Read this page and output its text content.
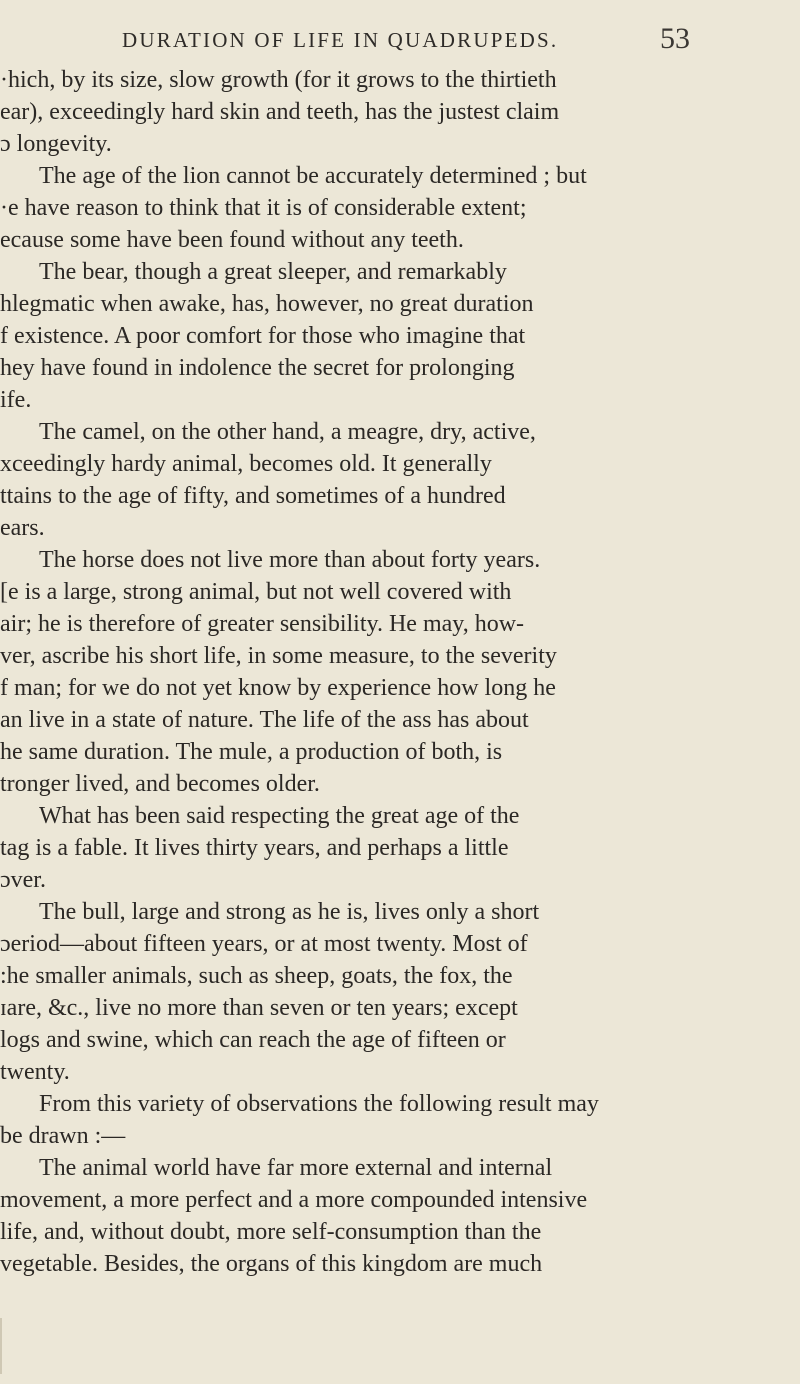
DURATION OF LIFE IN QUADRUPEDS.	53
·hich, by its size, slow growth (for it grows to the thirtieth
ear), exceedingly hard skin and teeth, has the justest claim
ɔ longevity.
The age of the lion cannot be accurately determined ; but
·e have reason to think that it is of considerable extent;
ecause some have been found without any teeth.
The bear, though a great sleeper, and remarkably
hlegmatic when awake, has, however, no great duration
f existence. A poor comfort for those who imagine that
hey have found in indolence the secret for prolonging
ife.
The camel, on the other hand, a meagre, dry, active,
xceedingly hardy animal, becomes old. It generally
ttains to the age of fifty, and sometimes of a hundred
ears.
The horse does not live more than about forty years.
[e is a large, strong animal, but not well covered with
air; he is therefore of greater sensibility. He may, how-
ver, ascribe his short life, in some measure, to the severity
f man; for we do not yet know by experience how long he
an live in a state of nature. The life of the ass has about
he same duration. The mule, a production of both, is
tronger lived, and becomes older.
What has been said respecting the great age of the
tag is a fable. It lives thirty years, and perhaps a little
ɔver.
The bull, large and strong as he is, lives only a short
ɔeriod—about fifteen years, or at most twenty. Most of
:he smaller animals, such as sheep, goats, the fox, the
ɪare, &c., live no more than seven or ten years; except
logs and swine, which can reach the age of fifteen or
twenty.
From this variety of observations the following result may
be drawn :—
The animal world have far more external and internal
movement, a more perfect and a more compounded intensive
life, and, without doubt, more self-consumption than the
vegetable. Besides, the organs of this kingdom are much
